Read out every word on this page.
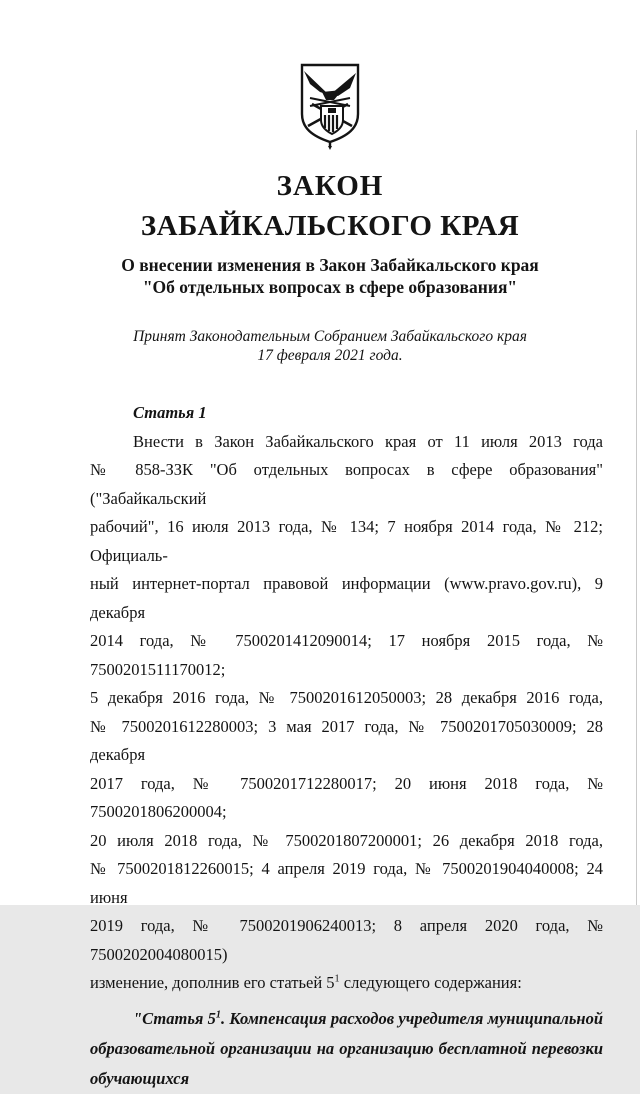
ЗАКОН
ЗАБАЙКАЛЬСКОГО КРАЯ
О внесении изменения в Закон Забайкальского края
"Об отдельных вопросах в сфере образования"
Принят Законодательным Собранием Забайкальского края
17 февраля 2021 года.
Статья 1
Внести в Закон Забайкальского края от 11 июля 2013 года
№ 858-ЗЗК "Об отдельных вопросах в сфере образования" ("Забайкальский
рабочий", 16 июля 2013 года, № 134; 7 ноября 2014 года, № 212; Официаль-
ный интернет-портал правовой информации (www.pravo.gov.ru), 9 декабря
2014 года, № 7500201412090014; 17 ноября 2015 года, № 7500201511170012;
5 декабря 2016 года, № 7500201612050003; 28 декабря 2016 года,
№ 7500201612280003; 3 мая 2017 года, № 7500201705030009; 28 декабря
2017 года, № 7500201712280017; 20 июня 2018 года, № 7500201806200004;
20 июля 2018 года, № 7500201807200001; 26 декабря 2018 года,
№ 7500201812260015; 4 апреля 2019 года, № 7500201904040008; 24 июня
2019 года, № 7500201906240013; 8 апреля 2020 года, № 7500202004080015)
изменение, дополнив его статьей $5^1$ следующего содержания:
"Статья $5^1$. Компенсация расходов учредителя муниципальной
образовательной организации на организацию бесплатной перевозки
обучающихся
